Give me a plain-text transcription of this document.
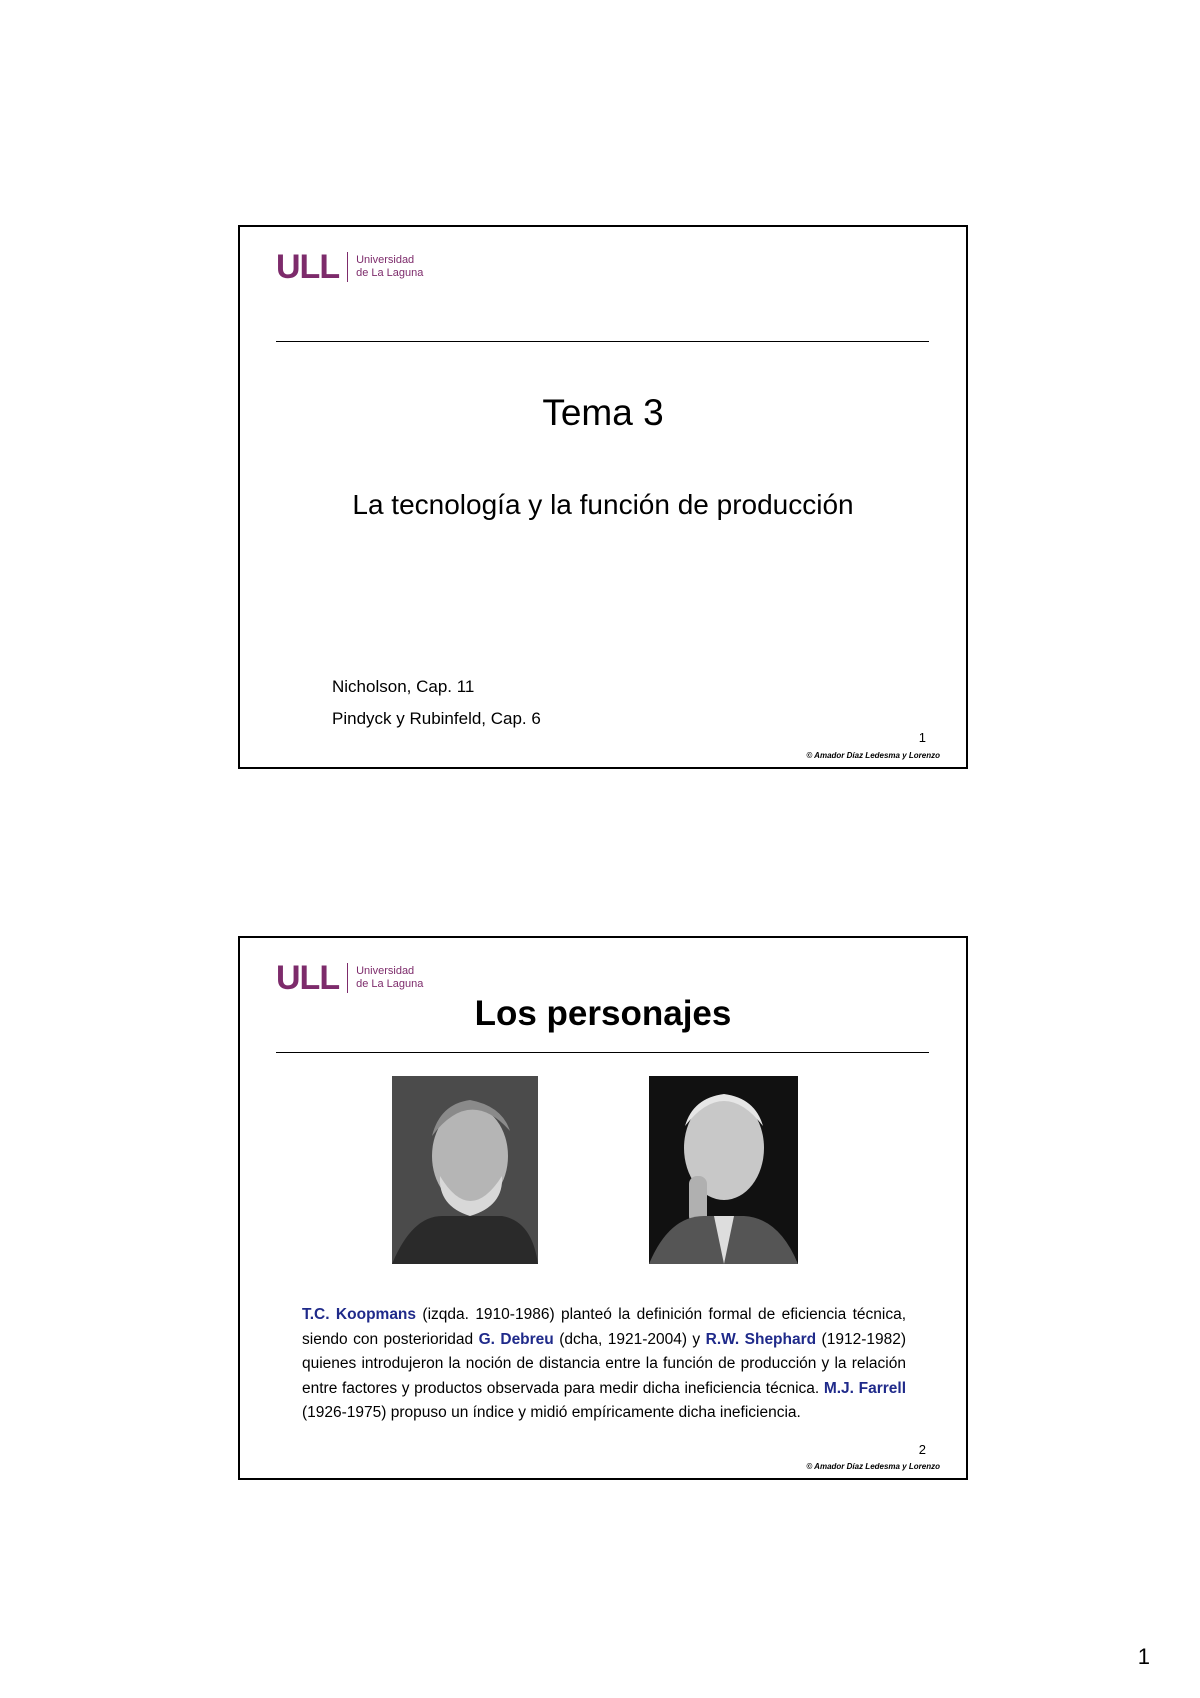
ULL Universidad
de La Laguna
Tema 3
La tecnología y la función de producción
Nicholson, Cap. 11
Pindyck y Rubinfeld, Cap. 6
1
© Amador Díaz Ledesma y Lorenzo
ULL Universidad
de La Laguna
Los personajes
T.C. Koopmans (izqda. 1910-1986) planteó la definición formal de eficiencia técnica, siendo con posterioridad G. Debreu (dcha, 1921-2004) y R.W. Shephard (1912-1982) quienes introdujeron la noción de distancia entre la función de producción y la relación entre factores y productos observada para medir dicha ineficiencia técnica. M.J. Farrell (1926-1975) propuso un índice y midió empíricamente dicha ineficiencia.
2
© Amador Díaz Ledesma y Lorenzo
1
